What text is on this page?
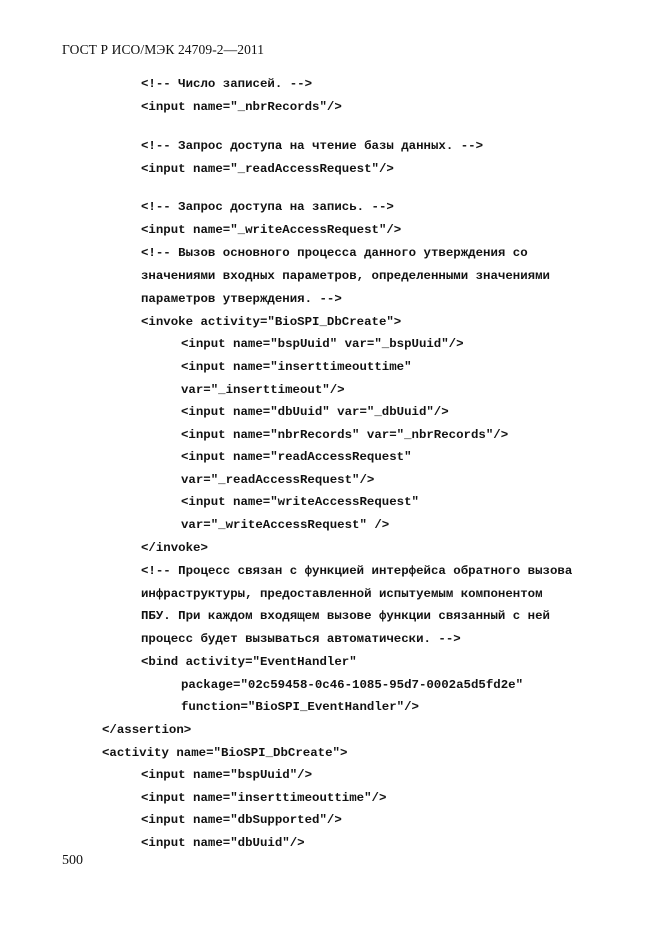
ГОСТ Р ИСО/МЭК 24709-2—2011
<!-- Число записей. -->
<input name="_nbrRecords"/>
<!-- Запрос доступа на чтение базы данных. -->
<input name="_readAccessRequest"/>
<!-- Запрос доступа на запись. -->
<input name="_writeAccessRequest"/>
<!-- Вызов основного процесса данного утверждения со
значениями входных параметров, определенными значениями
параметров утверждения. -->
<invoke activity="BioSPI_DbCreate">
<input name="bspUuid" var="_bspUuid"/>
<input name="inserttimeouttime"
var="_inserttimeout"/>
<input name="dbUuid" var="_dbUuid"/>
<input name="nbrRecords" var="_nbrRecords"/>
<input name="readAccessRequest"
var="_readAccessRequest"/>
<input name="writeAccessRequest"
var="_writeAccessRequest" />
</invoke>
<!-- Процесс связан с функцией интерфейса обратного вызова
инфраструктуры, предоставленной испытуемым компонентом
ПБУ. При каждом входящем вызове функции связанный с ней
процесс будет вызываться автоматически. -->
<bind activity="EventHandler"
package="02c59458-0c46-1085-95d7-0002a5d5fd2e"
function="BioSPI_EventHandler"/>
</assertion>
<activity name="BioSPI_DbCreate">
<input name="bspUuid"/>
<input name="inserttimeouttime"/>
<input name="dbSupported"/>
<input name="dbUuid"/>
500
